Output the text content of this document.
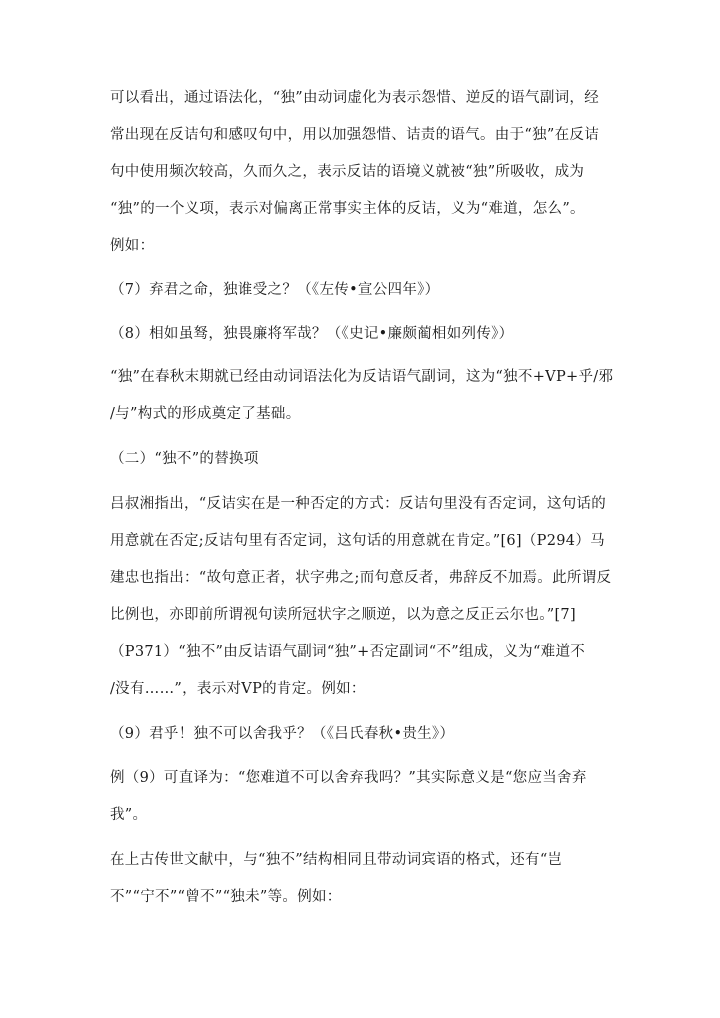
可以看出，通过语法化，“独”由动词虚化为表示怨惜、逆反的语气副词，经
常出现在反诘句和感叹句中，用以加强怨惜、诘责的语气。由于“独”在反诘
句中使用频次较高，久而久之，表示反诘的语境义就被“独”所吸收，成为
“独”的一个义项，表示对偏离正常事实主体的反诘，义为“难道，怎么”。
例如：
（7）弃君之命，独谁受之？（《左传•宣公四年》）
（8）相如虽驽，独畏廉将军哉？（《史记•廉颇蔺相如列传》）
“独”在春秋末期就已经由动词语法化为反诘语气副词，这为“独不+VP+乎/邪
/与”构式的形成奠定了基础。
（二）“独不”的替换项
吕叔湘指出，“反诘实在是一种否定的方式：反诘句里没有否定词，这句话的
用意就在否定;反诘句里有否定词，这句话的用意就在肯定。”[6]（P294）马
建忠也指出：“故句意正者，状字弗之;而句意反者，弗辞反不加焉。此所谓反
比例也，亦即前所谓视句读所冠状字之顺逆，以为意之反正云尔也。”[7]
（P371）“独不”由反诘语气副词“独”+否定副词“不”组成，义为“难道不
/没有……”，表示对VP的肯定。例如：
（9）君乎！独不可以舍我乎？（《吕氏春秋•贵生》）
例（9）可直译为：“您难道不可以舍弃我吗？”其实际意义是“您应当舍弃
我”。
在上古传世文献中，与“独不”结构相同且带动词宾语的格式，还有“岂
不”“宁不”“曾不”“独未”等。例如：
